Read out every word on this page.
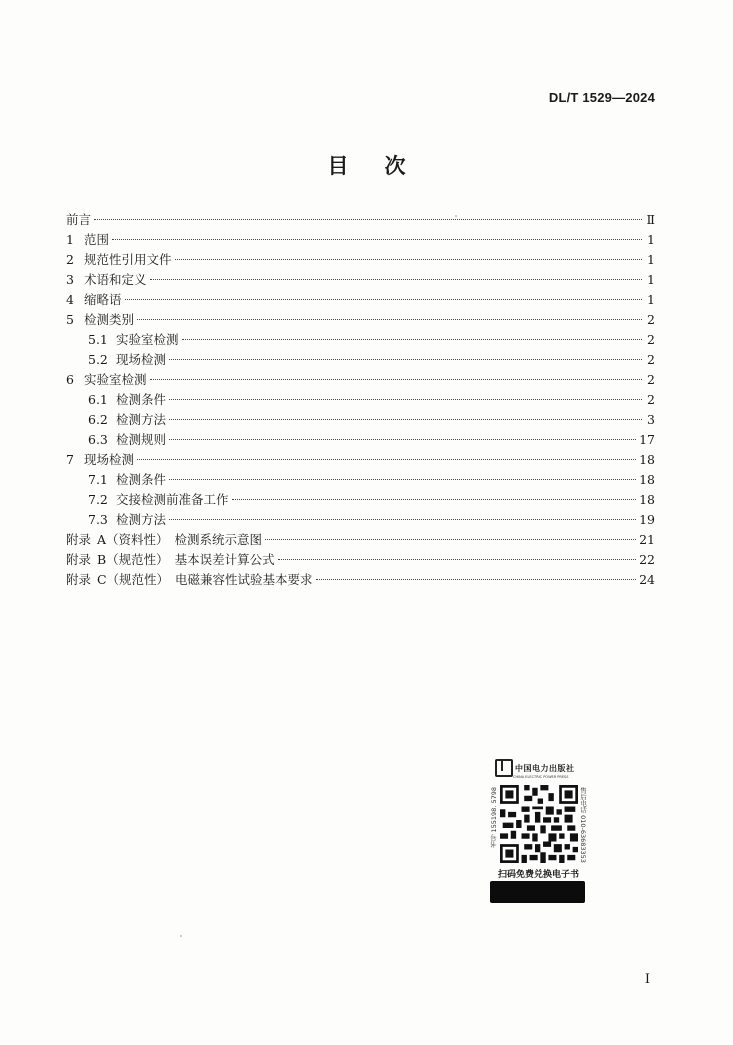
DL/T 1529—2024
目次
前言	Ⅱ
1 范围	1
2 规范性引用文件	1
3 术语和定义	1
4 缩略语	1
5 检测类别	2
5.1 实验室检测	2
5.2 现场检测	2
6 实验室检测	2
6.1 检测条件	2
6.2 检测方法	3
6.3 检测规则	17
7 现场检测	18
7.1 检测条件	18
7.2 交接检测前准备工作	18
7.3 检测方法	19
附录 A（资料性） 检测系统示意图	21
附录 B（规范性） 基本误差计算公式	22
附录 C（规范性） 电磁兼容性试验基本要求	24
中国电力出版社
CHINA ELECTRIC POWER PRESS
书号 155198. 5798	售后电话 010-63683353
扫码免费兑换电子书
I
